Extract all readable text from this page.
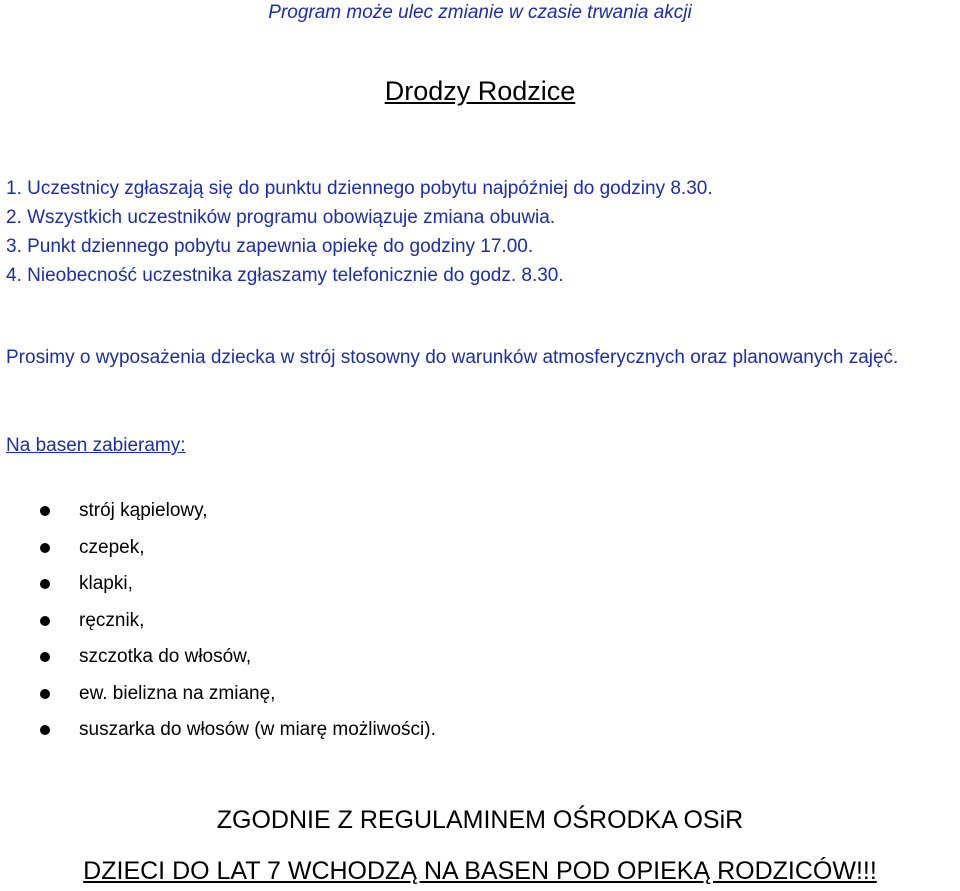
Program może ulec zmianie w czasie trwania akcji
Drodzy Rodzice
1. Uczestnicy zgłaszają się do punktu dziennego pobytu najpóźniej do godziny 8.30.
2. Wszystkich uczestników programu obowiązuje zmiana obuwia.
3. Punkt dziennego pobytu zapewnia opiekę do godziny 17.00.
4. Nieobecność uczestnika zgłaszamy telefonicznie do godz. 8.30.

Prosimy o wyposażenia dziecka w strój stosowny do warunków atmosferycznych oraz planowanych zajęć.

Na basen zabieramy:
strój kąpielowy,
czepek,
klapki,
ręcznik,
szczotka do włosów,
ew. bielizna na zmianę,
suszarka do włosów (w miarę możliwości).
ZGODNIE Z REGULAMINEM OŚRODKA OSiR
DZIECI DO LAT 7 WCHODZĄ NA BASEN POD OPIEKĄ RODZICÓW!!!
